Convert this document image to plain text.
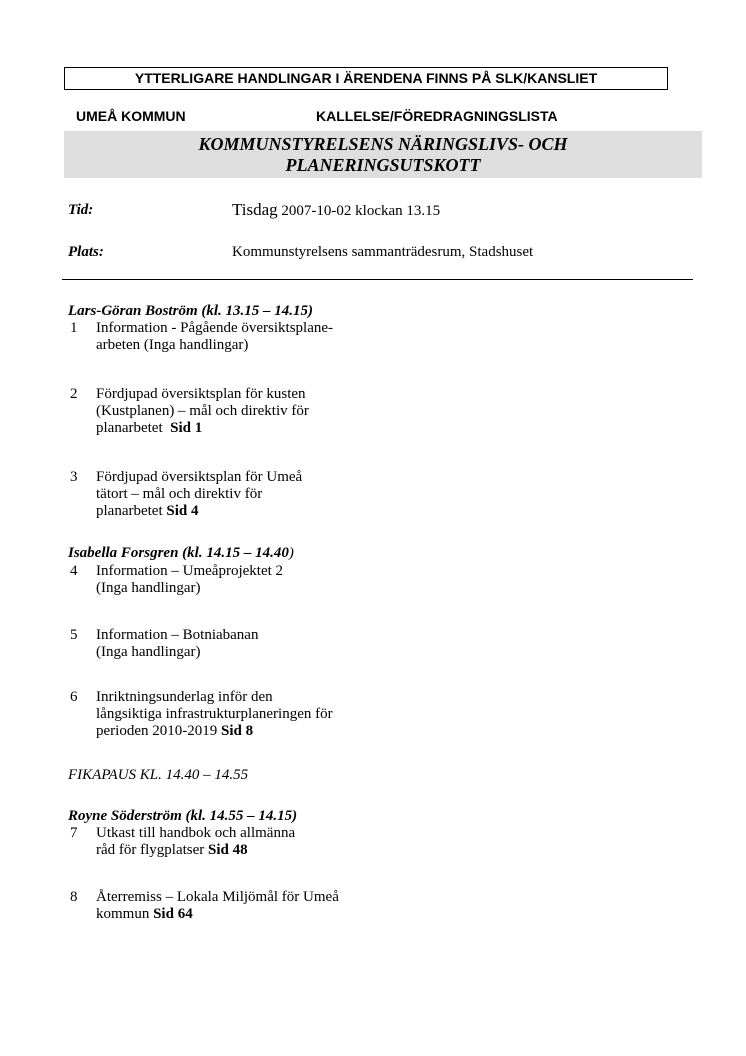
YTTERLIGARE HANDLINGAR I ÄRENDENA FINNS PÅ SLK/KANSLIET
UMEÅ KOMMUN	KALLELSE/FÖREDRAGNINGSLISTA
KOMMUNSTYRELSENS NÄRINGSLIVS- OCH
PLANERINGSUTSKOTT
Tid:	Tisdag 2007-10-02 klockan 13.15
Plats:	Kommunstyrelsens sammanträdesrum, Stadshuset
Lars-Göran Boström (kl. 13.15 – 14.15)
1 Information - Pågående översiktsplane-
arbeten (Inga handlingar)
2 Fördjupad översiktsplan för kusten
(Kustplanen) – mål och direktiv för
planarbetet  Sid 1
3 Fördjupad översiktsplan för Umeå
tätort – mål och direktiv för
planarbetet Sid 4
Isabella Forsgren (kl. 14.15 – 14.40)
4 Information – Umeåprojektet 2
(Inga handlingar)
5 Information – Botniabanan
(Inga handlingar)
6 Inriktningsunderlag inför den
långsiktiga infrastrukturplaneringen för
perioden 2010-2019 Sid 8
FIKAPAUS KL. 14.40 – 14.55
Royne Söderström (kl. 14.55 – 14.15)
7 Utkast till handbok och allmänna
råd för flygplatser Sid 48
8 Återremiss – Lokala Miljömål för Umeå
kommun Sid 64
